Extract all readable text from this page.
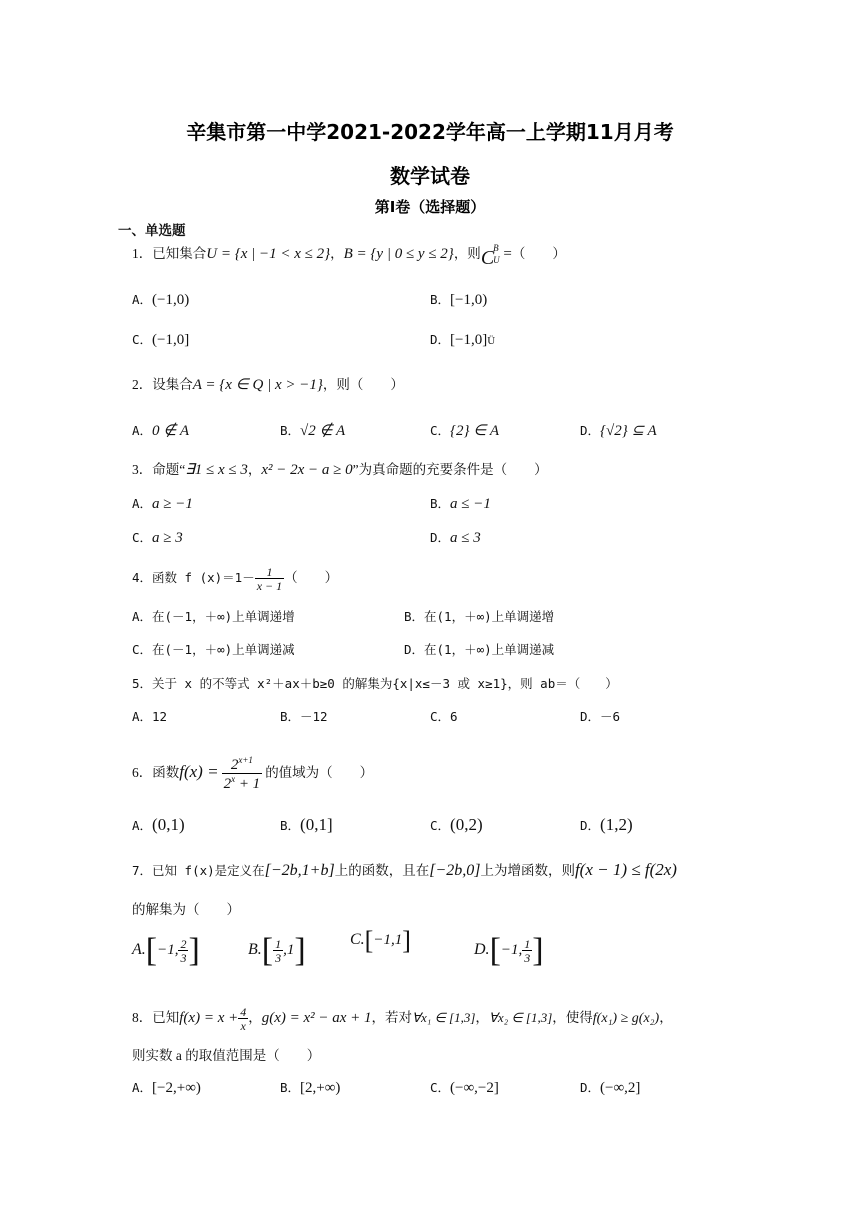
辛集市第一中学2021-2022学年高一上学期11月月考
数学试卷
第Ⅰ卷（选择题）
一、单选题
1．已知集合U = {x | −1 < x ≤ 2}，B = {y | 0 ≤ y ≤ 2}，则C B
U =（　　）
A．(−1,0)	B．[−1,0)
C．(−1,0]	D．[−1,0]Ü
2．设集合A = {x ∈ Q | x > −1}，则（　　）
A．0 ∉ A	B．√2 ∉ A	C．{2} ∈ A	D．{√2} ⊆ A
3．命题“∃1 ≤ x ≤ 3，x² − 2x − a ≥ 0”为真命题的充要条件是（　　）
A．a ≥ −1	B．a ≤ −1
C．a ≥ 3	D．a ≤ 3
4．函数 f $(x)=1- \frac{1}{x - 1}$ （　　）
A．在(－1，＋∞)上单调递增	B．在(1，＋∞)上单调递增
C．在(－1，＋∞)上单调递减	D．在(1，＋∞)上单调递减
5．关于 x 的不等式 x²＋ax＋b≥0 的解集为{x|x≤－3 或 x≥1}，则 ab＝（　　）
A．12	B．－12	C．6	D．－6
6．函数$f(x) = \frac{2^{x+1}}{2^x + 1}$ 的值域为（　　）
A．(0,1)	B．(0,1]	C．(0,2)	D．(1,2)
7．已知 f(x)是定义在[−2b,1+b]上的函数，且在[−2b,0]上为增函数，则f(x − 1) ≤ f(2x)
的解集为（　　）
A.[−1, $\frac{2}{3}$ ]	$B.[ \frac{1}{3} ,1]$	C.[−1,1]	D.[−1, $\frac{1}{3}$ ]
8．已知$f(x) = x + \frac{4}{x}$ ，g(x) = x² − ax + 1，若对∀x₁ ∈ [1,3]，∀x₂ ∈ [1,3]，使得f(x₁) ≥ g(x₂)，
则实数 a 的取值范围是（　　）
A．[−2,+∞)	B．[2,+∞)	C．(−∞,−2]	D．(−∞,2]
